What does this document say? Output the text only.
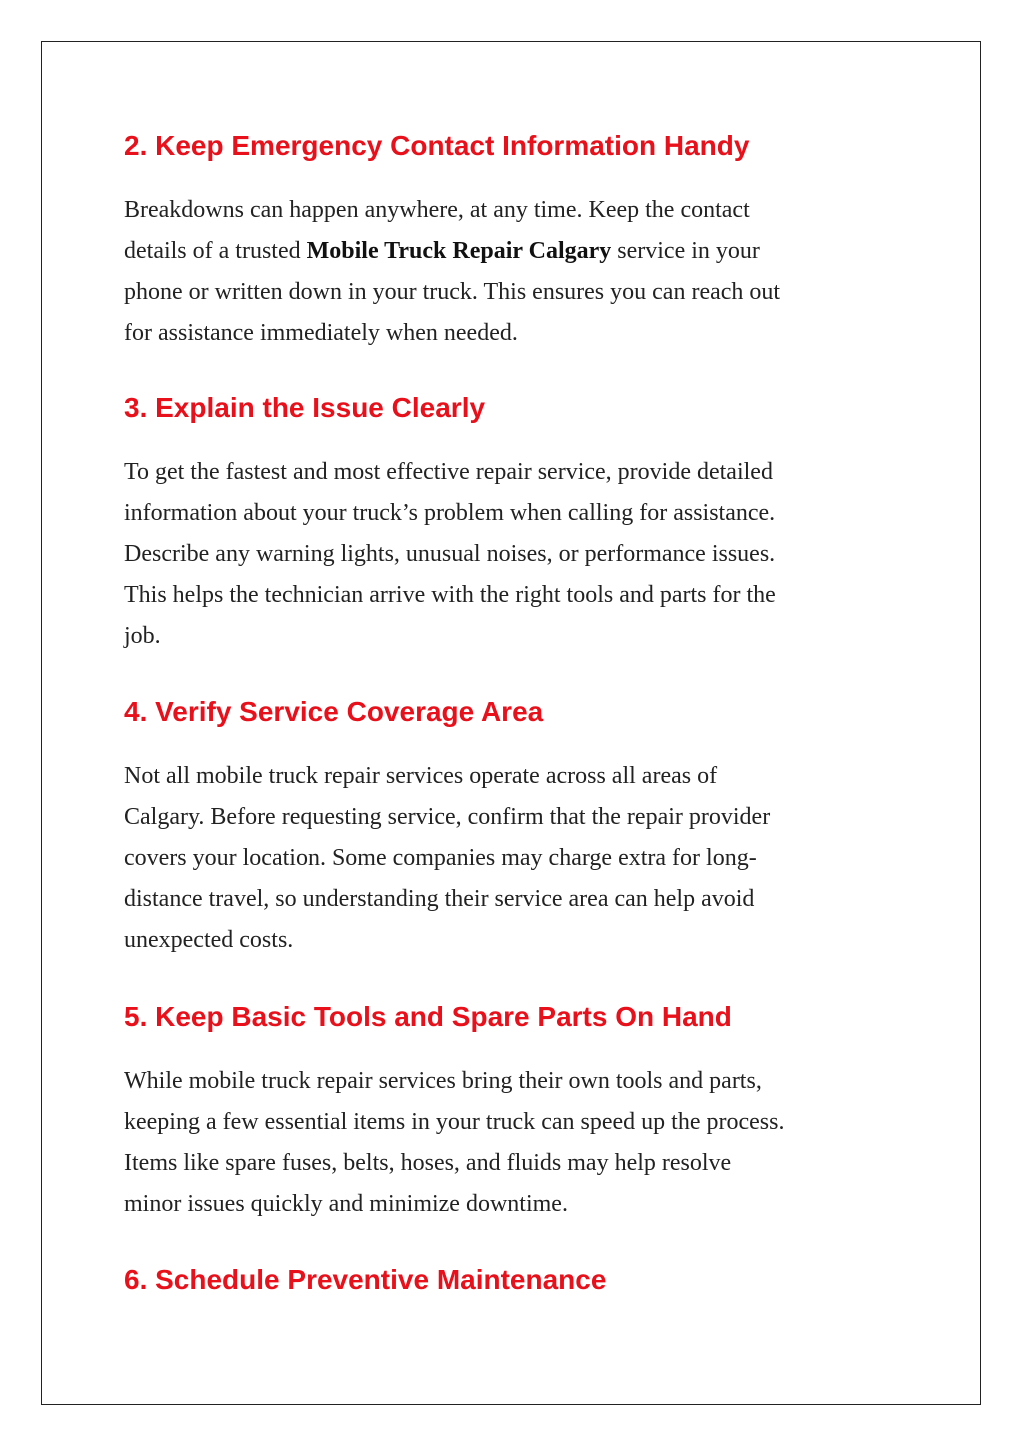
2. Keep Emergency Contact Information Handy

Breakdowns can happen anywhere, at any time. Keep the contact
details of a trusted Mobile Truck Repair Calgary service in your
phone or written down in your truck. This ensures you can reach out
for assistance immediately when needed.

3. Explain the Issue Clearly

To get the fastest and most effective repair service, provide detailed
information about your truck’s problem when calling for assistance.
Describe any warning lights, unusual noises, or performance issues.
This helps the technician arrive with the right tools and parts for the
job.

4. Verify Service Coverage Area

Not all mobile truck repair services operate across all areas of
Calgary. Before requesting service, confirm that the repair provider
covers your location. Some companies may charge extra for long-
distance travel, so understanding their service area can help avoid
unexpected costs.

5. Keep Basic Tools and Spare Parts On Hand

While mobile truck repair services bring their own tools and parts,
keeping a few essential items in your truck can speed up the process.
Items like spare fuses, belts, hoses, and fluids may help resolve
minor issues quickly and minimize downtime.

6. Schedule Preventive Maintenance
